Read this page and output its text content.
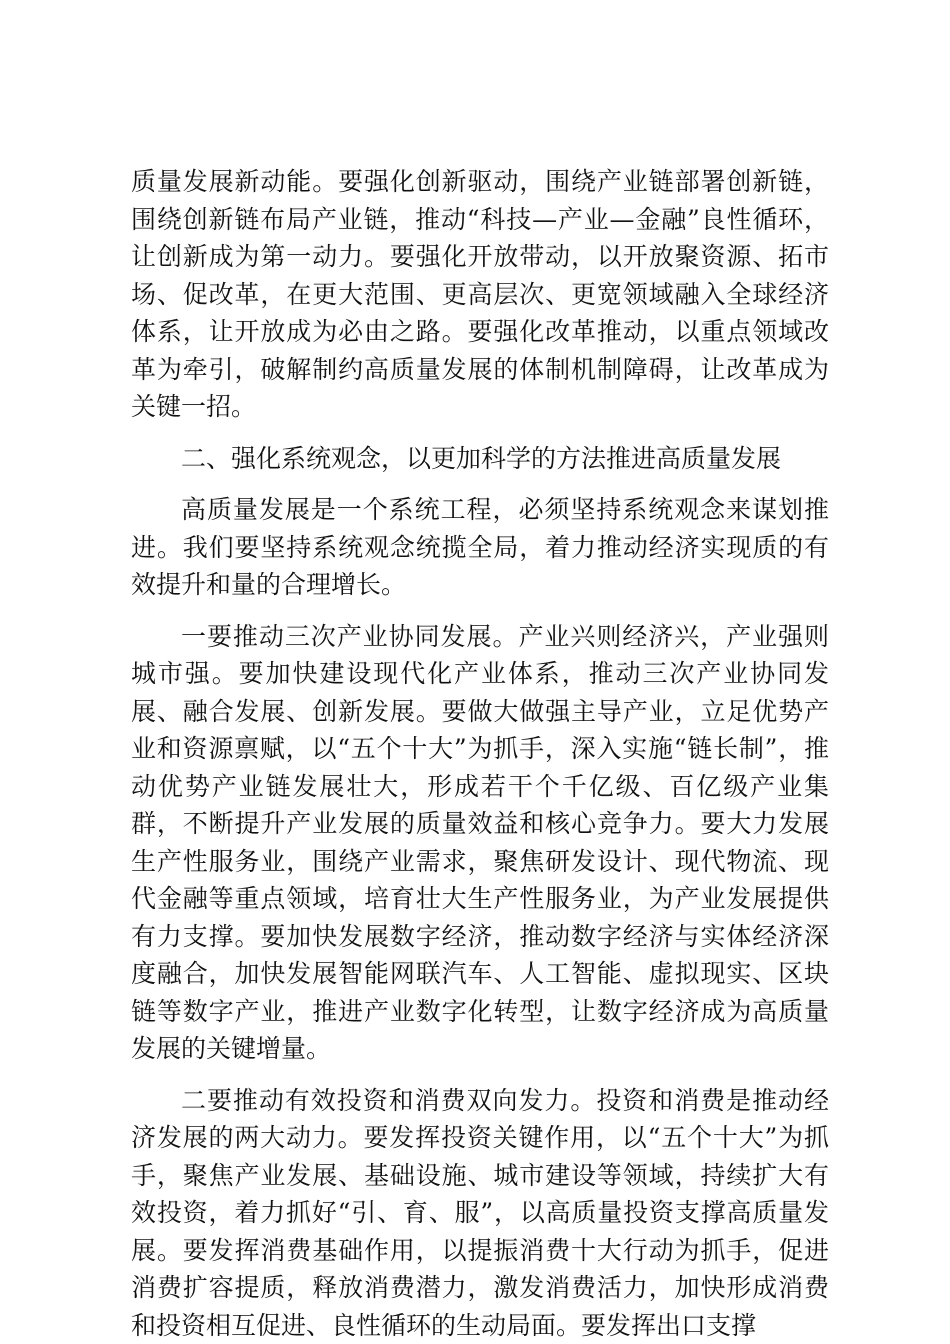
质量发展新动能。要强化创新驱动，围绕产业链部署创新链，围绕创新链布局产业链，推动“科技—产业—金融”良性循环，让创新成为第一动力。要强化开放带动，以开放聚资源、拓市场、促改革，在更大范围、更高层次、更宽领域融入全球经济体系，让开放成为必由之路。要强化改革推动，以重点领域改革为牵引，破解制约高质量发展的体制机制障碍，让改革成为关键一招。

二、强化系统观念，以更加科学的方法推进高质量发展

高质量发展是一个系统工程，必须坚持系统观念来谋划推进。我们要坚持系统观念统揽全局，着力推动经济实现质的有效提升和量的合理增长。

一要推动三次产业协同发展。产业兴则经济兴，产业强则城市强。要加快建设现代化产业体系，推动三次产业协同发展、融合发展、创新发展。要做大做强主导产业，立足优势产业和资源禀赋，以“五个十大”为抓手，深入实施“链长制”，推动优势产业链发展壮大，形成若干个千亿级、百亿级产业集群，不断提升产业发展的质量效益和核心竞争力。要大力发展生产性服务业，围绕产业需求，聚焦研发设计、现代物流、现代金融等重点领域，培育壮大生产性服务业，为产业发展提供有力支撑。要加快发展数字经济，推动数字经济与实体经济深度融合，加快发展智能网联汽车、人工智能、虚拟现实、区块链等数字产业，推进产业数字化转型，让数字经济成为高质量发展的关键增量。

二要推动有效投资和消费双向发力。投资和消费是推动经济发展的两大动力。要发挥投资关键作用，以“五个十大”为抓手，聚焦产业发展、基础设施、城市建设等领域，持续扩大有效投资，着力抓好“引、育、服”，以高质量投资支撑高质量发展。要发挥消费基础作用，以提振消费十大行动为抓手，促进消费扩容提质，释放消费潜力，激发消费活力，加快形成消费和投资相互促进、良性循环的生动局面。要发挥出口支撑
